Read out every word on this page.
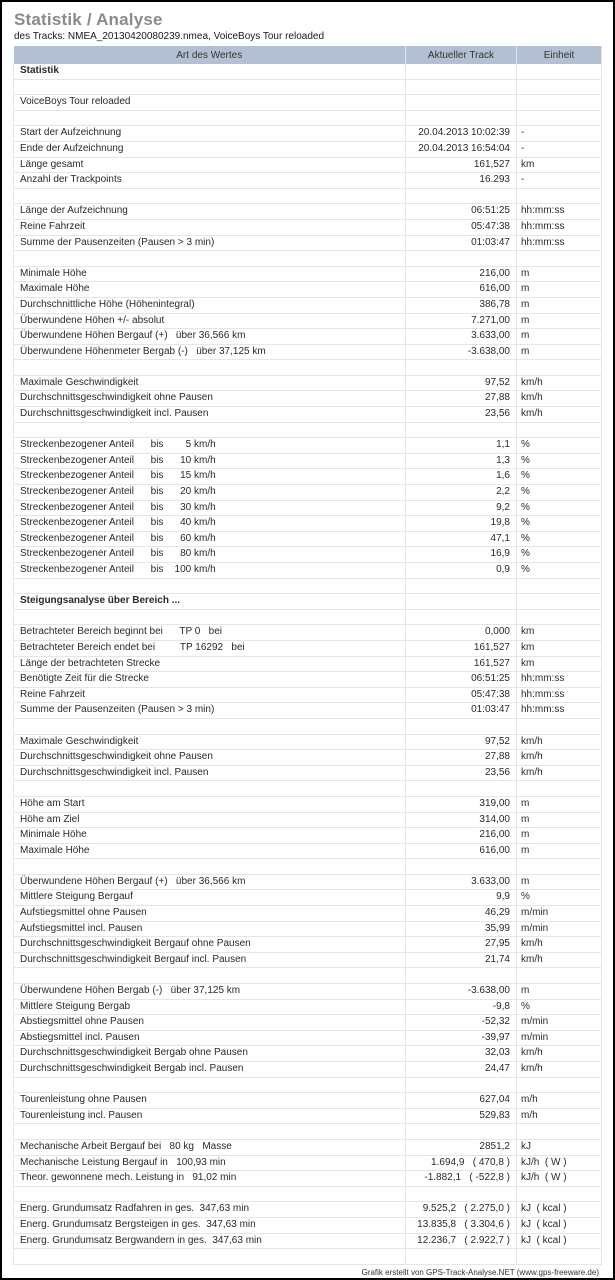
Statistik / Analyse
des Tracks: NMEA_20130420080239.nmea, VoiceBoys Tour reloaded
Art des Wertes	Aktueller Track	Einheit
Statistik		

VoiceBoys Tour reloaded		

Start der Aufzeichnung	20.04.2013 10:02:39	-
Ende der Aufzeichnung	20.04.2013 16:54:04	-
Länge gesamt	161,527	km
Anzahl der Trackpoints	16.293	-

Länge der Aufzeichnung	06:51:25	hh:mm:ss
Reine Fahrzeit	05:47:38	hh:mm:ss
Summe der Pausenzeiten (Pausen > 3 min)	01:03:47	hh:mm:ss

Minimale Höhe	216,00	m
Maximale Höhe	616,00	m
Durchschnittliche Höhe (Höhenintegral)	386,78	m
Überwundene Höhen +/- absolut	7.271,00	m
Überwundene Höhen Bergauf (+)   über 36,566 km	3.633,00	m
Überwundene Höhenmeter Bergab (-)   über 37,125 km	-3.638,00	m

Maximale Geschwindigkeit	97,52	km/h
Durchschnittsgeschwindigkeit ohne Pausen	27,88	km/h
Durchschnittsgeschwindigkeit incl. Pausen	23,56	km/h

Streckenbezogener Anteil      bis        5 km/h	1,1	%
Streckenbezogener Anteil      bis      10 km/h	1,3	%
Streckenbezogener Anteil      bis      15 km/h	1,6	%
Streckenbezogener Anteil      bis      20 km/h	2,2	%
Streckenbezogener Anteil      bis      30 km/h	9,2	%
Streckenbezogener Anteil      bis      40 km/h	19,8	%
Streckenbezogener Anteil      bis      60 km/h	47,1	%
Streckenbezogener Anteil      bis      80 km/h	16,9	%
Streckenbezogener Anteil      bis    100 km/h	0,9	%

Steigungsanalyse über Bereich ...		

Betrachteter Bereich beginnt bei      TP 0   bei	0,000	km
Betrachteter Bereich endet bei         TP 16292   bei	161,527	km
Länge der betrachteten Strecke	161,527	km
Benötigte Zeit für die Strecke	06:51:25	hh:mm:ss
Reine Fahrzeit	05:47:38	hh:mm:ss
Summe der Pausenzeiten (Pausen > 3 min)	01:03:47	hh:mm:ss

Maximale Geschwindigkeit	97,52	km/h
Durchschnittsgeschwindigkeit ohne Pausen	27,88	km/h
Durchschnittsgeschwindigkeit incl. Pausen	23,56	km/h

Höhe am Start	319,00	m
Höhe am Ziel	314,00	m
Minimale Höhe	216,00	m
Maximale Höhe	616,00	m

Überwundene Höhen Bergauf (+)   über 36,566 km	3.633,00	m
Mittlere Steigung Bergauf	9,9	%
Aufstiegsmittel ohne Pausen	46,29	m/min
Aufstiegsmittel incl. Pausen	35,99	m/min
Durchschnittsgeschwindigkeit Bergauf ohne Pausen	27,95	km/h
Durchschnittsgeschwindigkeit Bergauf incl. Pausen	21,74	km/h

Überwundene Höhen Bergab (-)   über 37,125 km	-3.638,00	m
Mittlere Steigung Bergab	-9,8	%
Abstiegsmittel ohne Pausen	-52,32	m/min
Abstiegsmittel incl. Pausen	-39,97	m/min
Durchschnittsgeschwindigkeit Bergab ohne Pausen	32,03	km/h
Durchschnittsgeschwindigkeit Bergab incl. Pausen	24,47	km/h

Tourenleistung ohne Pausen	627,04	m/h
Tourenleistung incl. Pausen	529,83	m/h

Mechanische Arbeit Bergauf bei   80 kg   Masse	2851,2	kJ
Mechanische Leistung Bergauf in   100,93 min	1.694,9   ( 470,8 )	kJ/h  ( W )
Theor. gewonnene mech. Leistung in   91,02 min	-1.882,1   ( -522,8 )	kJ/h  ( W )

Energ. Grundumsatz Radfahren in ges.  347,63 min	9.525,2   ( 2.275,0 )	kJ  ( kcal )
Energ. Grundumsatz Bergsteigen in ges.  347,63 min	13.835,8   ( 3.304,6 )	kJ  ( kcal )
Energ. Grundumsatz Bergwandern in ges.  347,63 min	12.236,7   ( 2.922,7 )	kJ  ( kcal )

Grafik erstellt von GPS-Track-Analyse.NET (www.gps-freeware.de)
